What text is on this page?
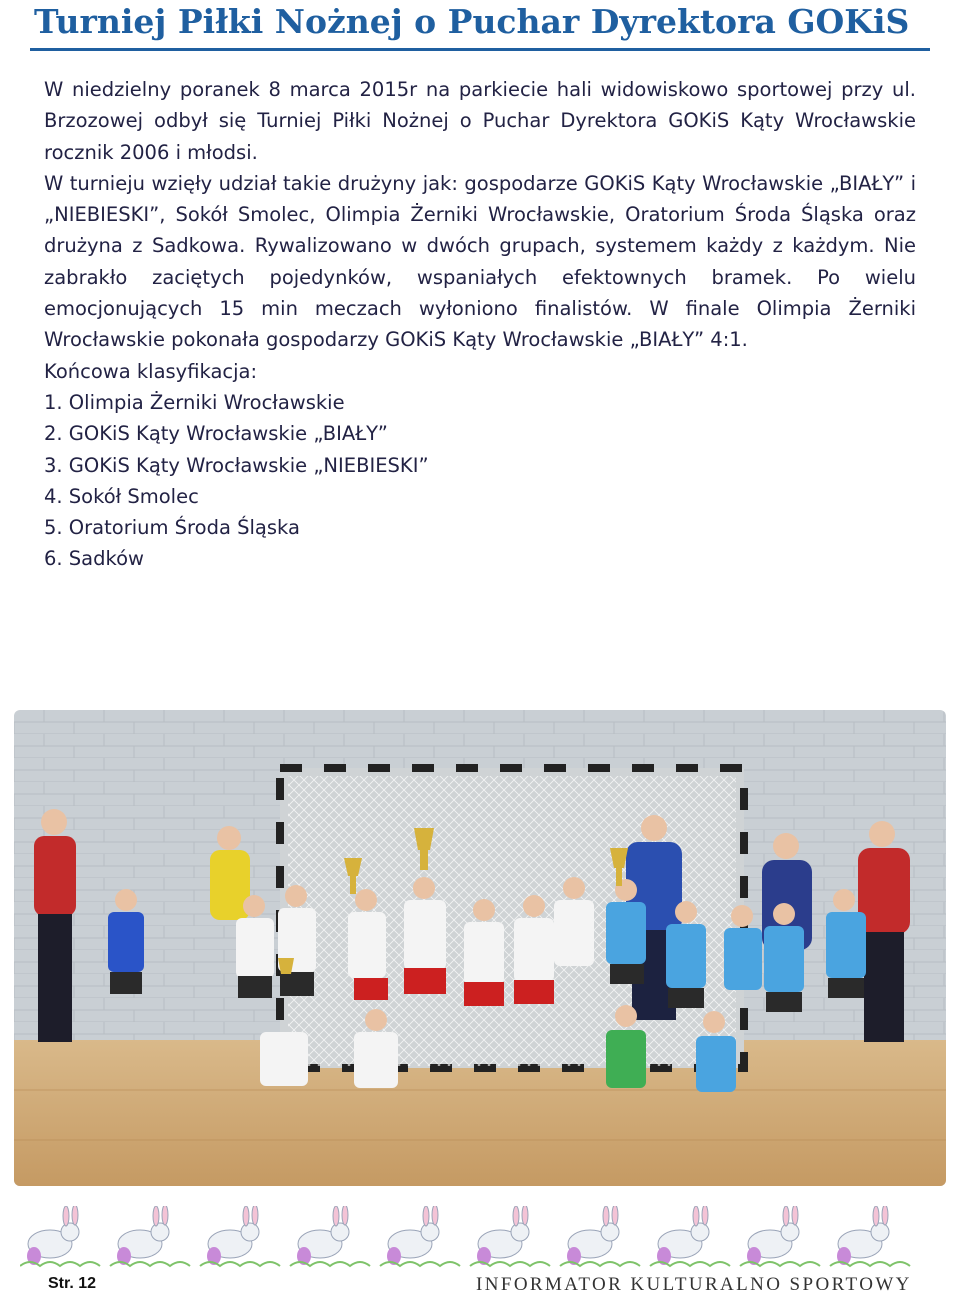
Turniej Piłki Nożnej o Puchar Dyrektora GOKiS

W niedzielny poranek 8 marca 2015r na parkiecie hali widowiskowo sportowej przy ul. Brzozowej odbył się Turniej Piłki Nożnej o Puchar Dyrektora GOKiS Kąty Wrocławskie rocznik 2006 i młodsi.

W turnieju wzięły udział takie drużyny jak: gospodarze GOKiS Kąty Wrocławskie „BIAŁY” i „NIEBIESKI”, Sokół Smolec, Olimpia Żerniki Wrocławskie, Oratorium Środa Śląska oraz drużyna z Sadkowa. Rywalizowano w dwóch grupach, systemem każdy z każdym. Nie zabrakło zaciętych pojedynków, wspaniałych efektownych bramek. Po wielu emocjonujących 15 min meczach wyłoniono finalistów. W finale Olimpia Żerniki Wrocławskie pokonała gospodarzy GOKiS Kąty Wrocławskie „BIAŁY” 4:1.

Końcowa klasyfikacja:

1. Olimpia Żerniki Wrocławskie
2. GOKiS Kąty Wrocławskie „BIAŁY”
3. GOKiS Kąty Wrocławskie „NIEBIESKI”
4. Sokół Smolec
5. Oratorium Środa Śląska
6. Sadków
Str. 12	INFORMATOR KULTURALNO SPORTOWY
